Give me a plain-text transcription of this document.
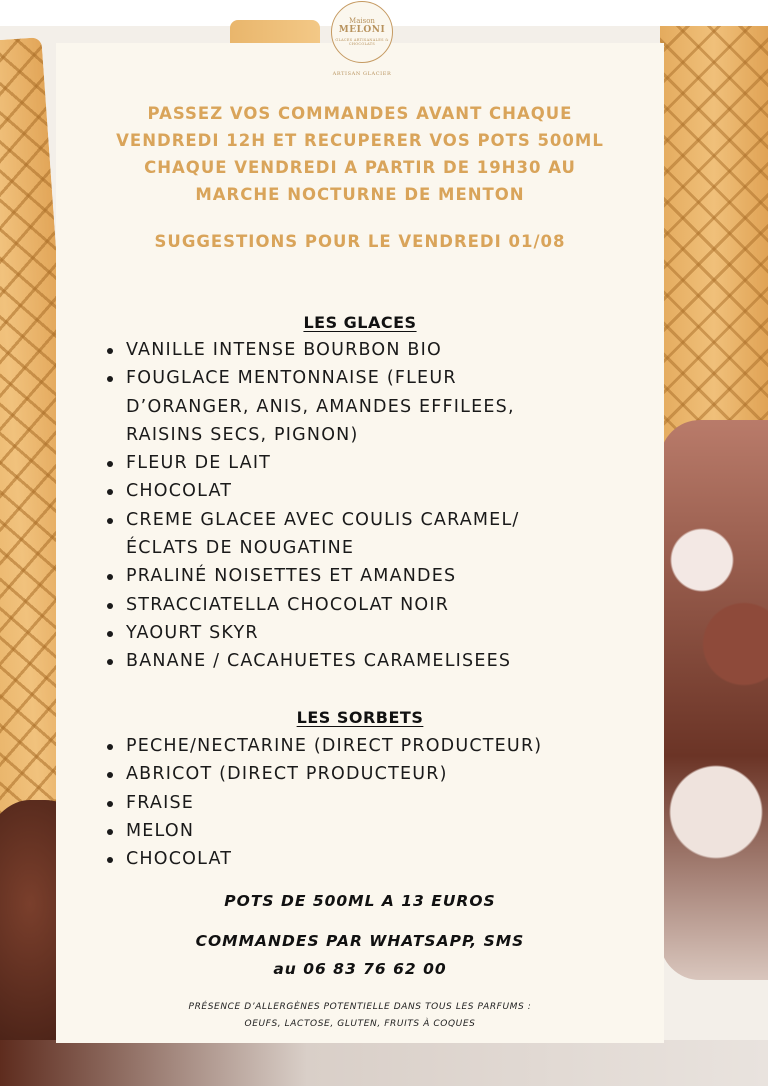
Maison
MELONI
GLACES ARTISANALES & CHOCOLATS
ARTISAN GLACIER
PASSEZ VOS COMMANDES AVANT CHAQUE
VENDREDI 12H ET RECUPERER VOS POTS 500ML
CHAQUE VENDREDI A PARTIR DE 19H30 AU
MARCHE NOCTURNE DE MENTON
SUGGESTIONS POUR LE VENDREDI 01/08
LES GLACES
VANILLE INTENSE BOURBON BIO
FOUGLACE MENTONNAISE (FLEUR
D’ORANGER, ANIS, AMANDES EFFILEES,
RAISINS SECS, PIGNON)
FLEUR DE LAIT
CHOCOLAT
CREME GLACEE AVEC COULIS CARAMEL/
ÉCLATS DE NOUGATINE
PRALINÉ NOISETTES ET AMANDES
STRACCIATELLA CHOCOLAT NOIR
YAOURT SKYR
BANANE / CACAHUETES CARAMELISEES
LES SORBETS
PECHE/NECTARINE (DIRECT PRODUCTEUR)
ABRICOT (DIRECT PRODUCTEUR)
FRAISE
MELON
CHOCOLAT
POTS DE 500ML A 13 EUROS
COMMANDES PAR WHATSAPP, SMS
au 06 83 76 62 00
PRÉSENCE D’ALLERGÈNES POTENTIELLE DANS TOUS LES PARFUMS :
OEUFS, LACTOSE, GLUTEN, FRUITS À COQUES
